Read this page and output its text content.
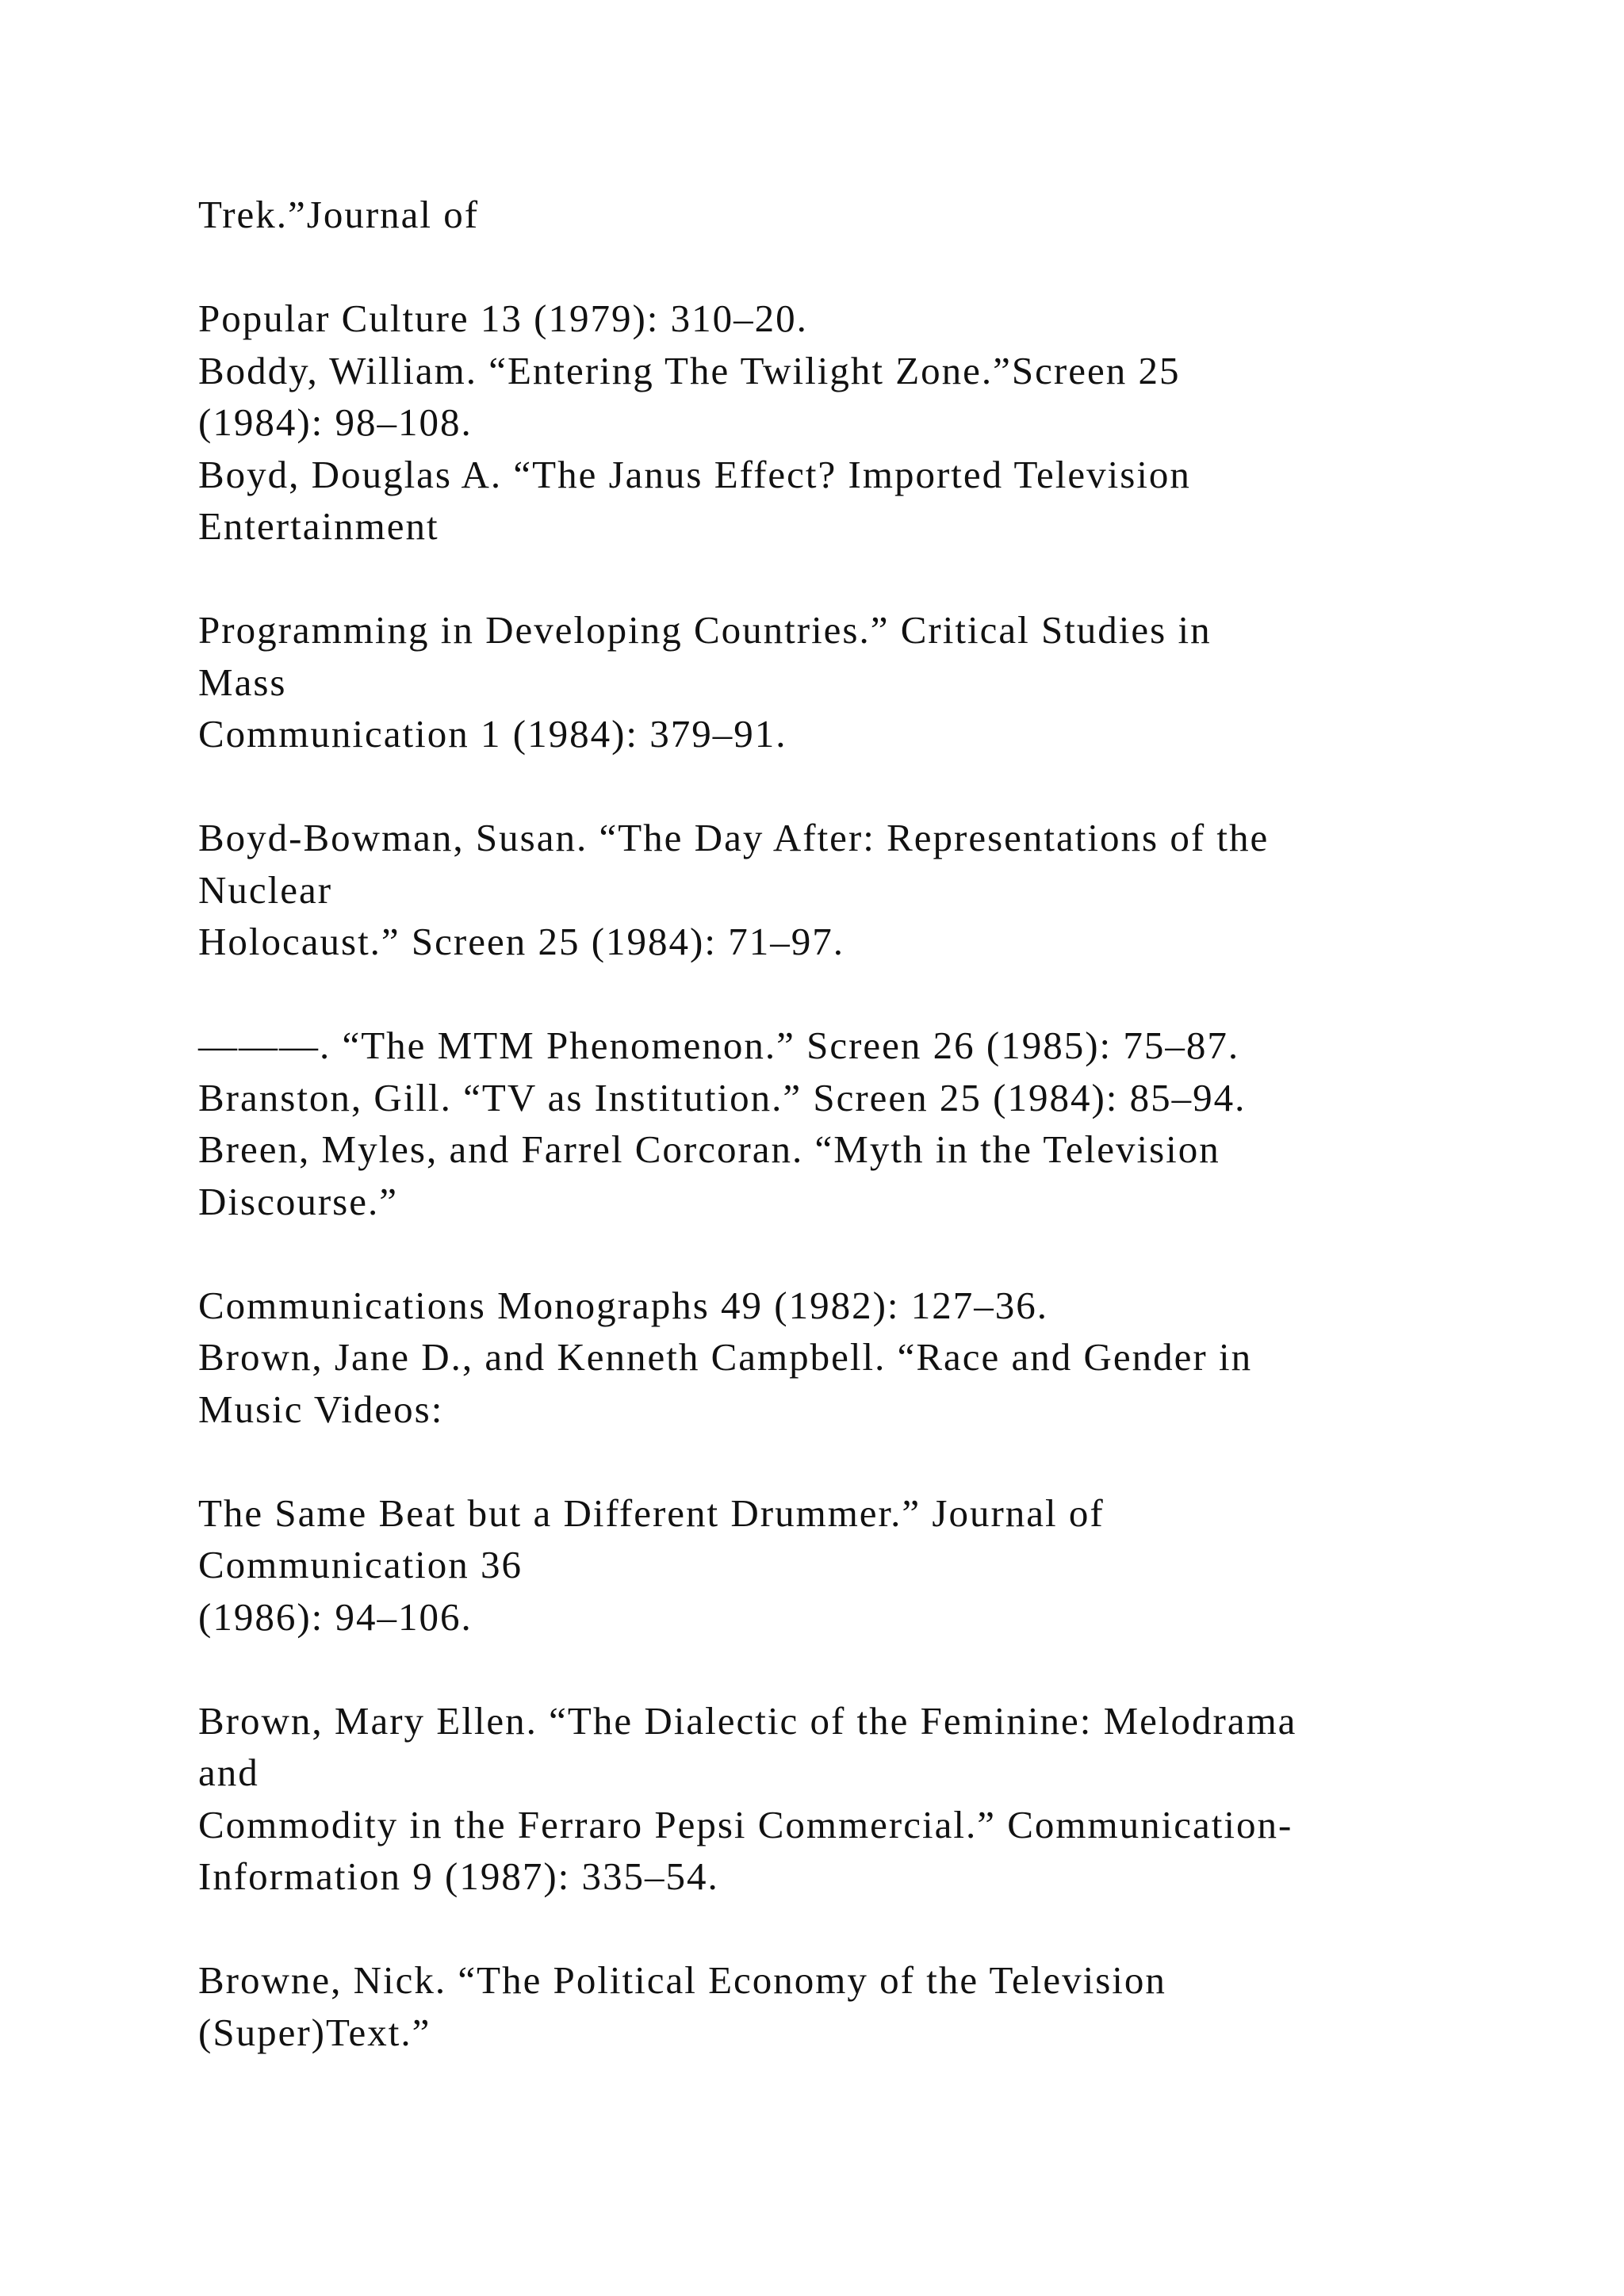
Trek.”Journal of
Popular Culture 13 (1979): 310–20.
Boddy, William. “Entering The Twilight Zone.”Screen 25
(1984): 98–108.
Boyd, Douglas A. “The Janus Effect? Imported Television
Entertainment
Programming in Developing Countries.” Critical Studies in
Mass
Communication 1 (1984): 379–91.
Boyd-Bowman, Susan. “The Day After: Representations of the
Nuclear
Holocaust.” Screen 25 (1984): 71–97.
———. “The MTM Phenomenon.” Screen 26 (1985): 75–87.
Branston, Gill. “TV as Institution.” Screen 25 (1984): 85–94.
Breen, Myles, and Farrel Corcoran. “Myth in the Television
Discourse.”
Communications Monographs 49 (1982): 127–36.
Brown, Jane D., and Kenneth Campbell. “Race and Gender in
Music Videos:
The Same Beat but a Different Drummer.” Journal of
Communication 36
(1986): 94–106.
Brown, Mary Ellen. “The Dialectic of the Feminine: Melodrama
and
Commodity in the Ferraro Pepsi Commercial.” Communication-
Information 9 (1987): 335–54.
Browne, Nick. “The Political Economy of the Television
(Super)Text.”
